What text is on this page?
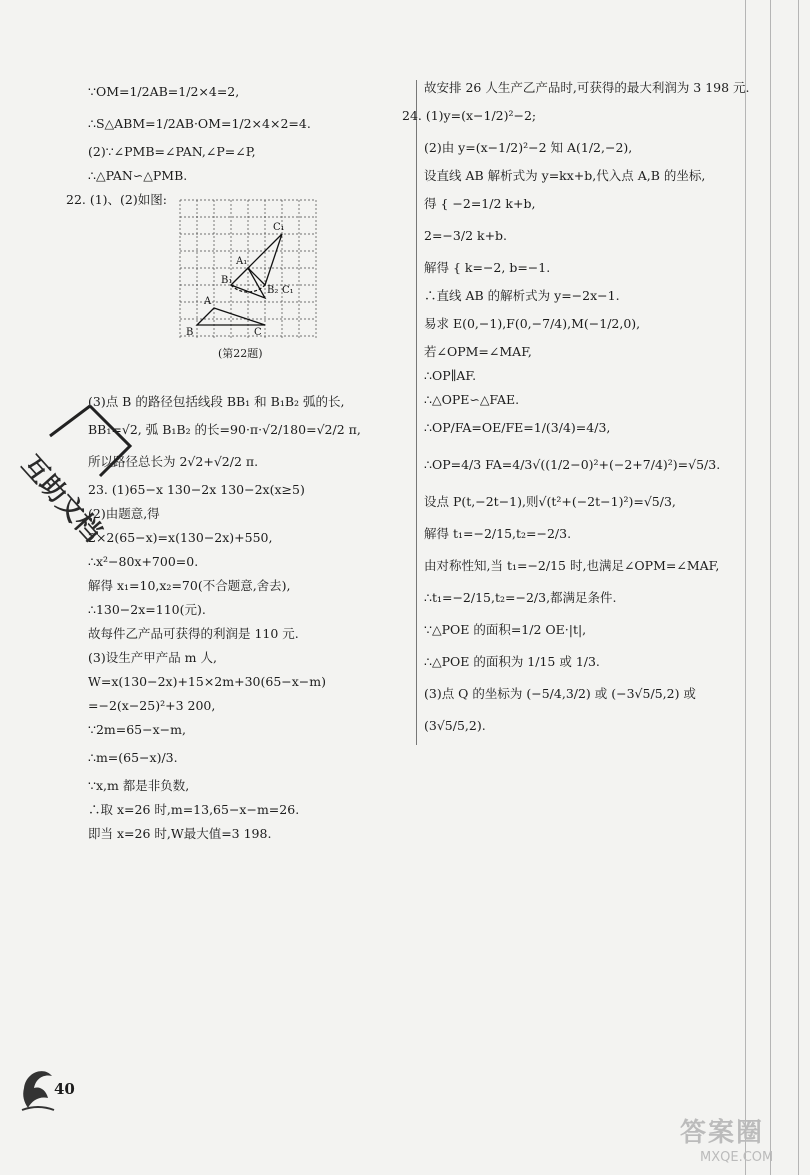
∵OM=1/2AB=1/2×4=2,
∴S△ABM=1/2AB·OM=1/2×4×2=4.
(2)∵∠PMB=∠PAN,∠P=∠P,
∴△PAN∽△PMB.
22. (1)、(2)如图:
(3)点 B 的路径包括线段 BB₁ 和 B₁B₂ 弧的长,
BB₁=√2, 弧 B₁B₂ 的长=90·π·√2/180=√2/2 π,
所以路径总长为 2√2+√2/2 π.
23. (1)65−x 130−2x 130−2x(x≥5)
(2)由题意,得
2×2(65−x)=x(130−2x)+550,
∴x²−80x+700=0.
解得 x₁=10,x₂=70(不合题意,舍去),
∴130−2x=110(元).
故每件乙产品可获得的利润是 110 元.
(3)设生产甲产品 m 人,
W=x(130−2x)+15×2m+30(65−x−m)
=−2(x−25)²+3 200,
∵2m=65−x−m,
∴m=(65−x)/3.
∵x,m 都是非负数,
∴取 x=26 时,m=13,65−x−m=26.
即当 x=26 时,W最大值=3 198.
C₁
A₁
B₁
B₂ C₁
A
B	C
(第22题)
故安排 26 人生产乙产品时,可获得的最大利润为 3 198 元.
24. (1)y=(x−1/2)²−2;
(2)由 y=(x−1/2)²−2 知 A(1/2,−2),
设直线 AB 解析式为 y=kx+b,代入点 A,B 的坐标,
得 { −2=1/2 k+b,
2=−3/2 k+b.
解得 { k=−2, b=−1.
∴直线 AB 的解析式为 y=−2x−1.
易求 E(0,−1),F(0,−7/4),M(−1/2,0),
若∠OPM=∠MAF,
∴OP∥AF.
∴△OPE∽△FAE.
∴OP/FA=OE/FE=1/(3/4)=4/3,
∴OP=4/3 FA=4/3√((1/2−0)²+(−2+7/4)²)=√5/3.
设点 P(t,−2t−1),则√(t²+(−2t−1)²)=√5/3,
解得 t₁=−2/15,t₂=−2/3.
由对称性知,当 t₁=−2/15 时,也满足∠OPM=∠MAF,
∴t₁=−2/15,t₂=−2/3,都满足条件.
∵△POE 的面积=1/2 OE·|t|,
∴△POE 的面积为 1/15 或 1/3.
(3)点 Q 的坐标为 (−5/4,3/2) 或 (−3√5/5,2) 或
(3√5/5,2).
互助文档
40
答案圈
MXQE.COM
